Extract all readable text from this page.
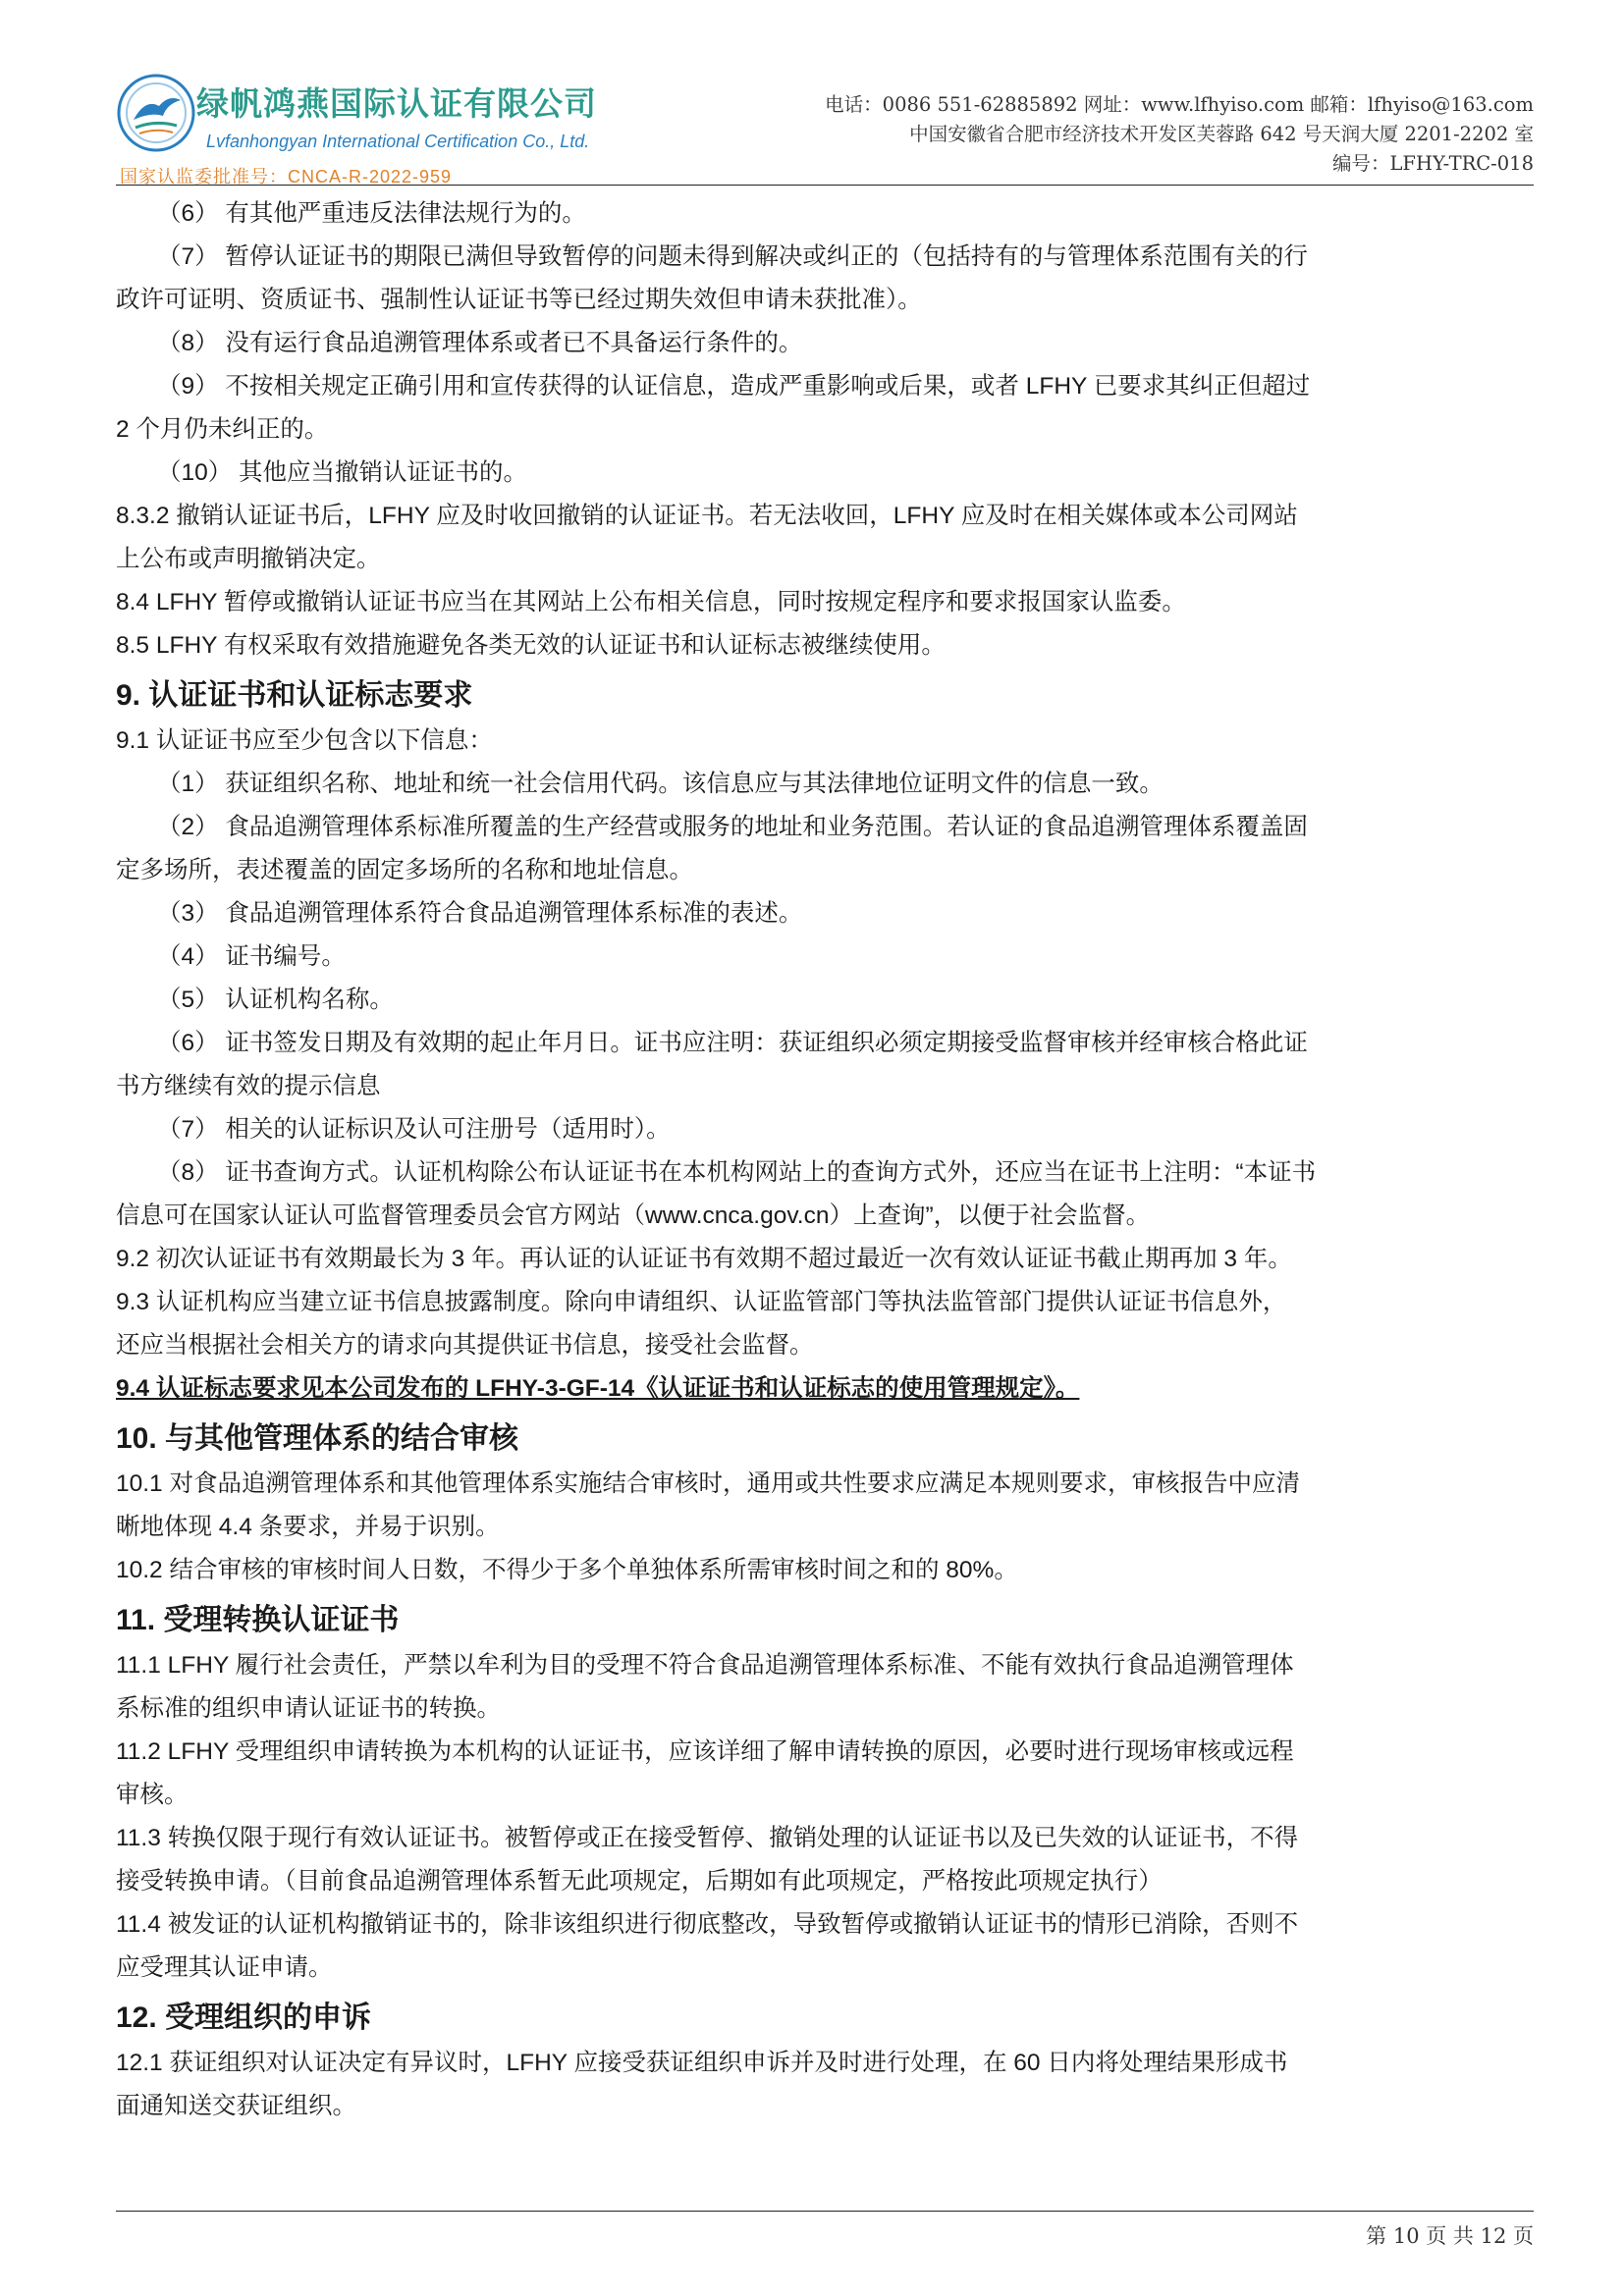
绿帆鸿燕国际认证有限公司
Lvfanhongyan International Certification Co., Ltd.
国家认监委批准号：CNCA-R-2022-959
电话：0086 551-62885892 网址：www.lfhyiso.com 邮箱：lfhyiso@163.com
中国安徽省合肥市经济技术开发区芙蓉路 642 号天润大厦 2201-2202 室
编号：LFHY-TRC-018
（6） 有其他严重违反法律法规行为的。
（7） 暂停认证证书的期限已满但导致暂停的问题未得到解决或纠正的（包括持有的与管理体系范围有关的行
政许可证明、资质证书、强制性认证证书等已经过期失效但申请未获批准）。
（8） 没有运行食品追溯管理体系或者已不具备运行条件的。
（9） 不按相关规定正确引用和宣传获得的认证信息，造成严重影响或后果，或者 LFHY 已要求其纠正但超过
2 个月仍未纠正的。
（10） 其他应当撤销认证证书的。
8.3.2 撤销认证证书后，LFHY 应及时收回撤销的认证证书。若无法收回，LFHY 应及时在相关媒体或本公司网站
上公布或声明撤销决定。
8.4 LFHY 暂停或撤销认证证书应当在其网站上公布相关信息，同时按规定程序和要求报国家认监委。
8.5 LFHY 有权采取有效措施避免各类无效的认证证书和认证标志被继续使用。
9. 认证证书和认证标志要求
9.1 认证证书应至少包含以下信息：
（1） 获证组织名称、地址和统一社会信用代码。该信息应与其法律地位证明文件的信息一致。
（2） 食品追溯管理体系标准所覆盖的生产经营或服务的地址和业务范围。若认证的食品追溯管理体系覆盖固
定多场所，表述覆盖的固定多场所的名称和地址信息。
（3） 食品追溯管理体系符合食品追溯管理体系标准的表述。
（4） 证书编号。
（5） 认证机构名称。
（6） 证书签发日期及有效期的起止年月日。证书应注明：获证组织必须定期接受监督审核并经审核合格此证
书方继续有效的提示信息
（7） 相关的认证标识及认可注册号（适用时）。
（8） 证书查询方式。认证机构除公布认证证书在本机构网站上的查询方式外，还应当在证书上注明：“本证书
信息可在国家认证认可监督管理委员会官方网站（www.cnca.gov.cn）上查询”，以便于社会监督。
9.2 初次认证证书有效期最长为 3 年。再认证的认证证书有效期不超过最近一次有效认证证书截止期再加 3 年。
9.3 认证机构应当建立证书信息披露制度。除向申请组织、认证监管部门等执法监管部门提供认证证书信息外，
还应当根据社会相关方的请求向其提供证书信息，接受社会监督。
9.4 认证标志要求见本公司发布的 LFHY-3-GF-14《认证证书和认证标志的使用管理规定》。
10. 与其他管理体系的结合审核
10.1 对食品追溯管理体系和其他管理体系实施结合审核时，通用或共性要求应满足本规则要求，审核报告中应清
晰地体现 4.4 条要求，并易于识别。
10.2 结合审核的审核时间人日数，不得少于多个单独体系所需审核时间之和的 80%。
11. 受理转换认证证书
11.1 LFHY 履行社会责任，严禁以牟利为目的受理不符合食品追溯管理体系标准、不能有效执行食品追溯管理体
系标准的组织申请认证证书的转换。
11.2 LFHY 受理组织申请转换为本机构的认证证书，应该详细了解申请转换的原因，必要时进行现场审核或远程
审核。
11.3 转换仅限于现行有效认证证书。被暂停或正在接受暂停、撤销处理的认证证书以及已失效的认证证书，不得
接受转换申请。（目前食品追溯管理体系暂无此项规定，后期如有此项规定，严格按此项规定执行）
11.4 被发证的认证机构撤销证书的，除非该组织进行彻底整改，导致暂停或撤销认证证书的情形已消除，否则不
应受理其认证申请。
12. 受理组织的申诉
12.1 获证组织对认证决定有异议时，LFHY 应接受获证组织申诉并及时进行处理，在 60 日内将处理结果形成书
面通知送交获证组织。
第 10 页 共 12 页
